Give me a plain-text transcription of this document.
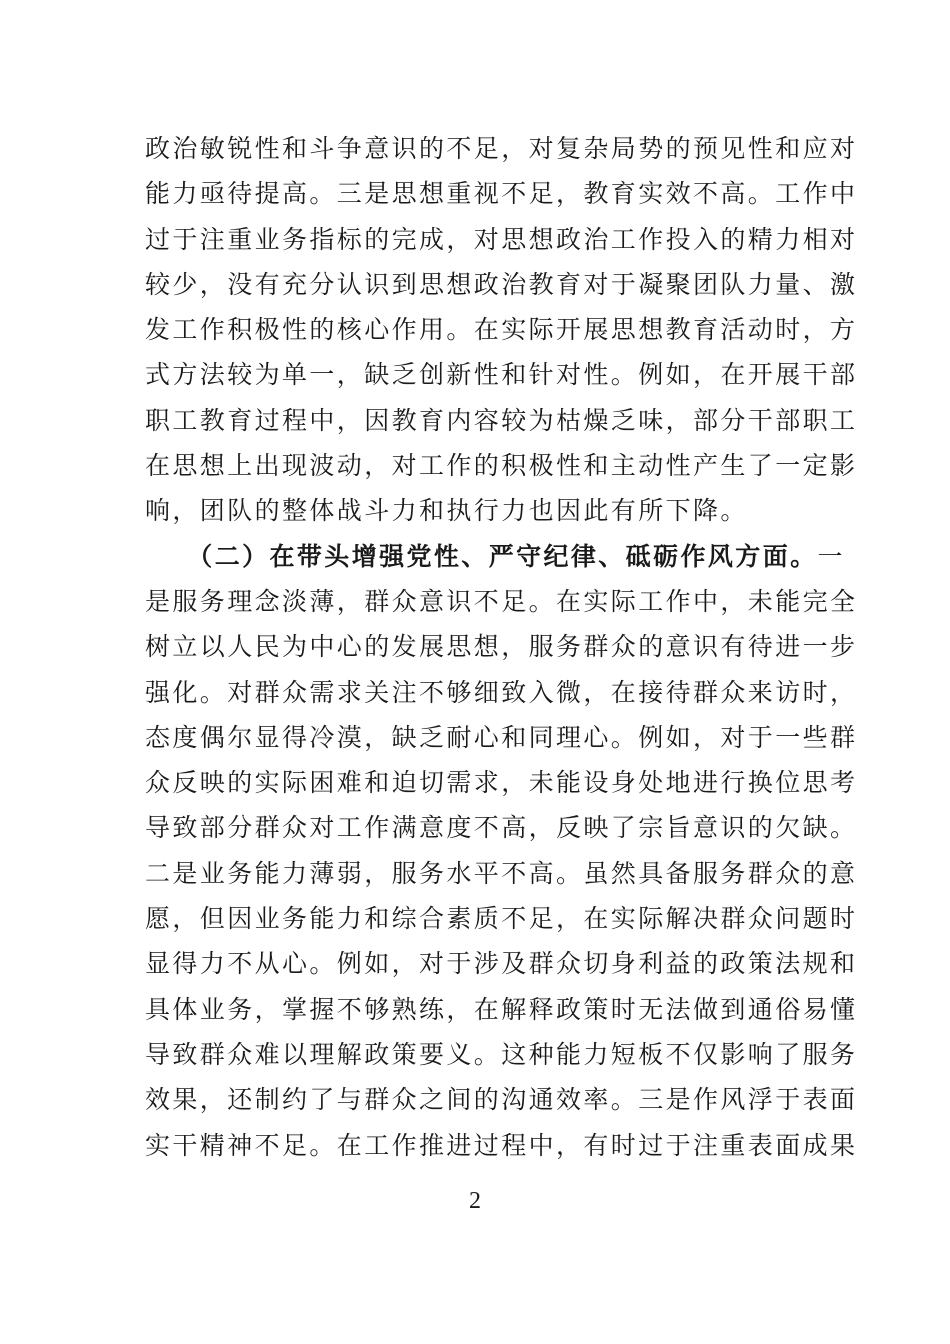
政治敏锐性和斗争意识的不足，对复杂局势的预见性和应对
能力亟待提高。三是思想重视不足，教育实效不高。工作中
过于注重业务指标的完成，对思想政治工作投入的精力相对
较少，没有充分认识到思想政治教育对于凝聚团队力量、激
发工作积极性的核心作用。在实际开展思想教育活动时，方
式方法较为单一，缺乏创新性和针对性。例如，在开展干部
职工教育过程中，因教育内容较为枯燥乏味，部分干部职工
在思想上出现波动，对工作的积极性和主动性产生了一定影
响，团队的整体战斗力和执行力也因此有所下降。
　　（二）在带头增强党性、严守纪律、砥砺作风方面。一
是服务理念淡薄，群众意识不足。在实际工作中，未能完全
树立以人民为中心的发展思想，服务群众的意识有待进一步
强化。对群众需求关注不够细致入微，在接待群众来访时，
态度偶尔显得冷漠，缺乏耐心和同理心。例如，对于一些群
众反映的实际困难和迫切需求，未能设身处地进行换位思考
导致部分群众对工作满意度不高，反映了宗旨意识的欠缺。
二是业务能力薄弱，服务水平不高。虽然具备服务群众的意
愿，但因业务能力和综合素质不足，在实际解决群众问题时
显得力不从心。例如，对于涉及群众切身利益的政策法规和
具体业务，掌握不够熟练，在解释政策时无法做到通俗易懂
导致群众难以理解政策要义。这种能力短板不仅影响了服务
效果，还制约了与群众之间的沟通效率。三是作风浮于表面
实干精神不足。在工作推进过程中，有时过于注重表面成果
2
